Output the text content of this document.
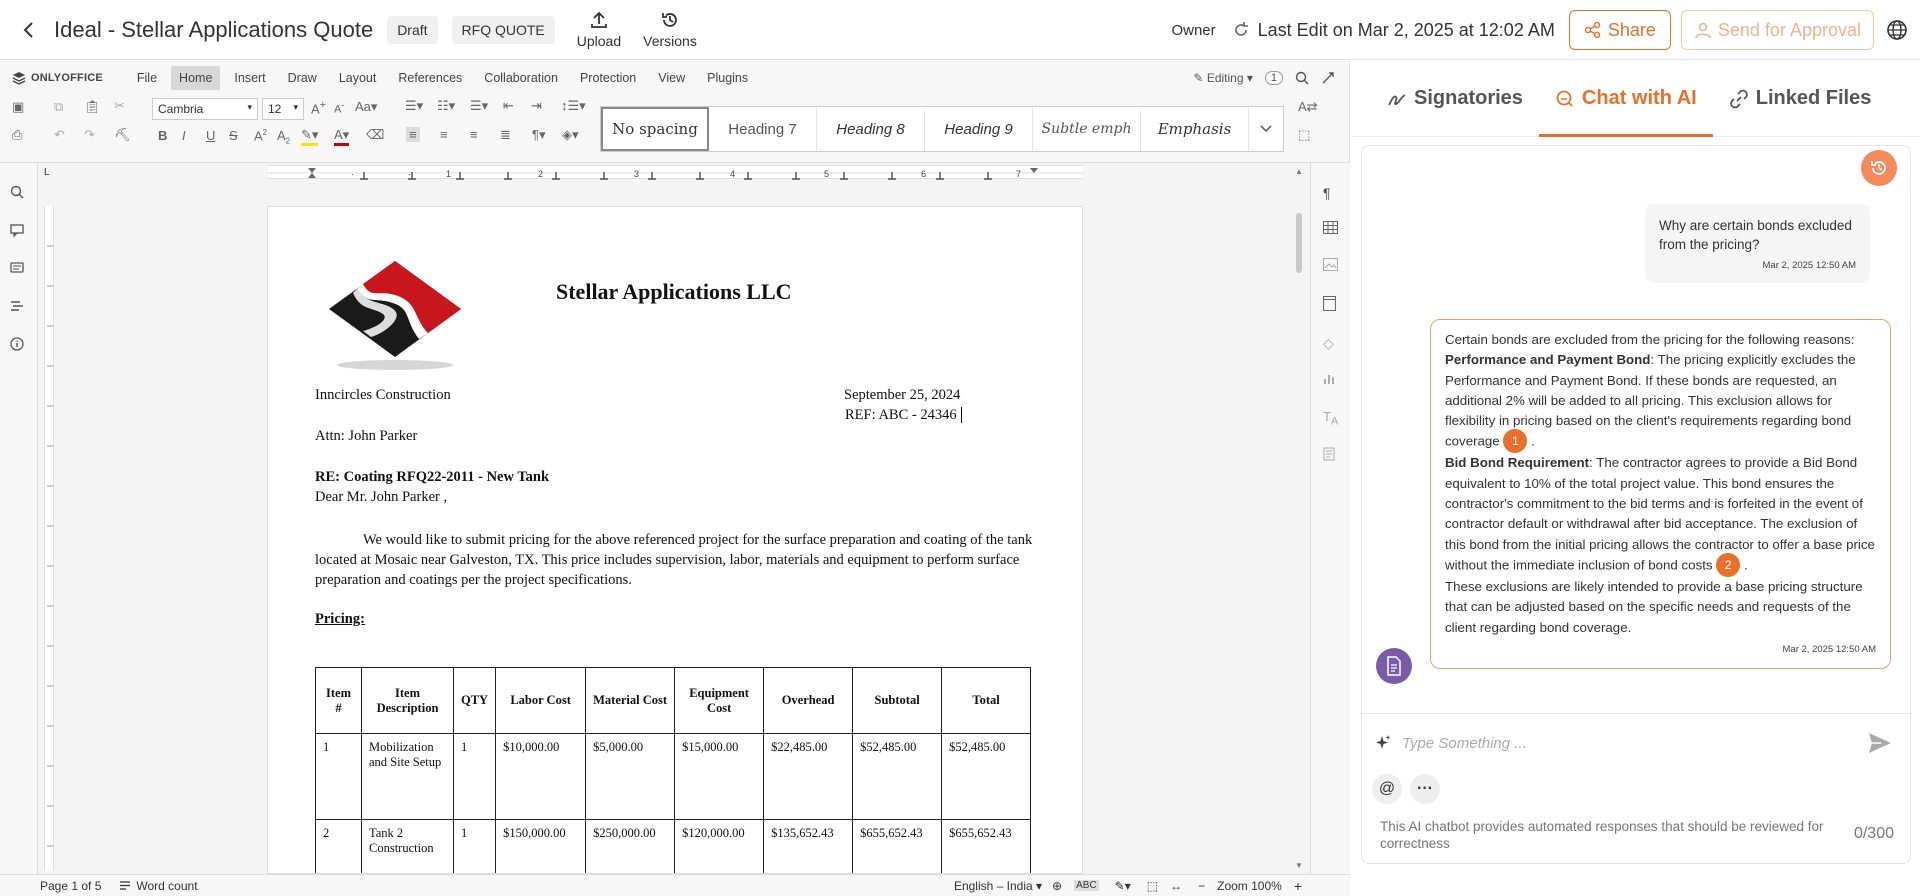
Ideal - Stellar Applications Quote	Draft	RFQ QUOTE
Upload Versions
Owner Last Edit on Mar 2, 2025 at 12:02 AM	Share	Send for Approval
ONLYOFFICE	File	Home	Insert	Draw	Layout	References	Collaboration	Protection	View	Plugins	✎ Editing ▾	1
▣ ⧉ 📋︎ ✂	Cambria	▾	12 ▾ A+ A- Aa▾ ☰▾ ☷▾ ☰▾ ⇤ ⇥ ↕☰▾	A⇄
⎙ ↶ ↷ ⛏ B I U S $A^2$ $A_2$ ✎▾ A▾ ⌫ ≡ ≡ ≡ ≣ ¶▾ ◈▾	⬚
No spacing	Heading 7	Heading 8	Heading 9	Subtle emph	Emphasis
·	·	1	2	3	4	5	6	7
L
¶
◇
$T_A$
▲
▼
Stellar Applications LLC
Inncircles Construction	September 25, 2024
REF: ABC - 24346
Attn: John Parker
RE: Coating RFQ22-2011 - New Tank
Dear Mr. John Parker ,
We would like to submit pricing for the above referenced project for the surface preparation and coating of the tank located at Mosaic near Galveston, TX. This price includes supervision, labor, materials and equipment to perform surface preparation and coatings per the project specifications.
Pricing:
Item #	Item Description	QTY	Labor Cost	Material Cost	Equipment Cost	Overhead	Subtotal	Total
1	Mobilization and Site Setup	1	$10,000.00	$5,000.00	$15,000.00	$22,485.00	$52,485.00	$52,485.00
2	Tank 2 Construction	1	$150,000.00	$250,000.00	$120,000.00	$135,652.43	$655,652.43	$655,652.43
Page 1 of 5	Word count	English – India ▾ ⊕ ABC ✎▾ ⬚ ↔ − Zoom 100% +
Signatories	Chat with AI	Linked Files
Why are certain bonds excluded from the pricing?
Mar 2, 2025 12:50 AM
Certain bonds are excluded from the pricing for the following reasons:
Performance and Payment Bond: The pricing explicitly excludes the Performance and Payment Bond. If these bonds are requested, an additional 2% will be added to all pricing. This exclusion allows for flexibility in pricing based on the client's requirements regarding bond coverage 1 .
Bid Bond Requirement: The contractor agrees to provide a Bid Bond equivalent to 10% of the total project value. This bond ensures the contractor's commitment to the bid terms and is forfeited in the event of contractor default or withdrawal after bid acceptance. The exclusion of this bond from the initial pricing allows the contractor to offer a base price without the immediate inclusion of bond costs 2 .
These exclusions are likely intended to provide a base pricing structure that can be adjusted based on the specific needs and requests of the client regarding bond coverage.
Mar 2, 2025 12:50 AM
Type Something ...
@ ···
This AI chatbot provides automated responses that should be reviewed for correctness
0/300
